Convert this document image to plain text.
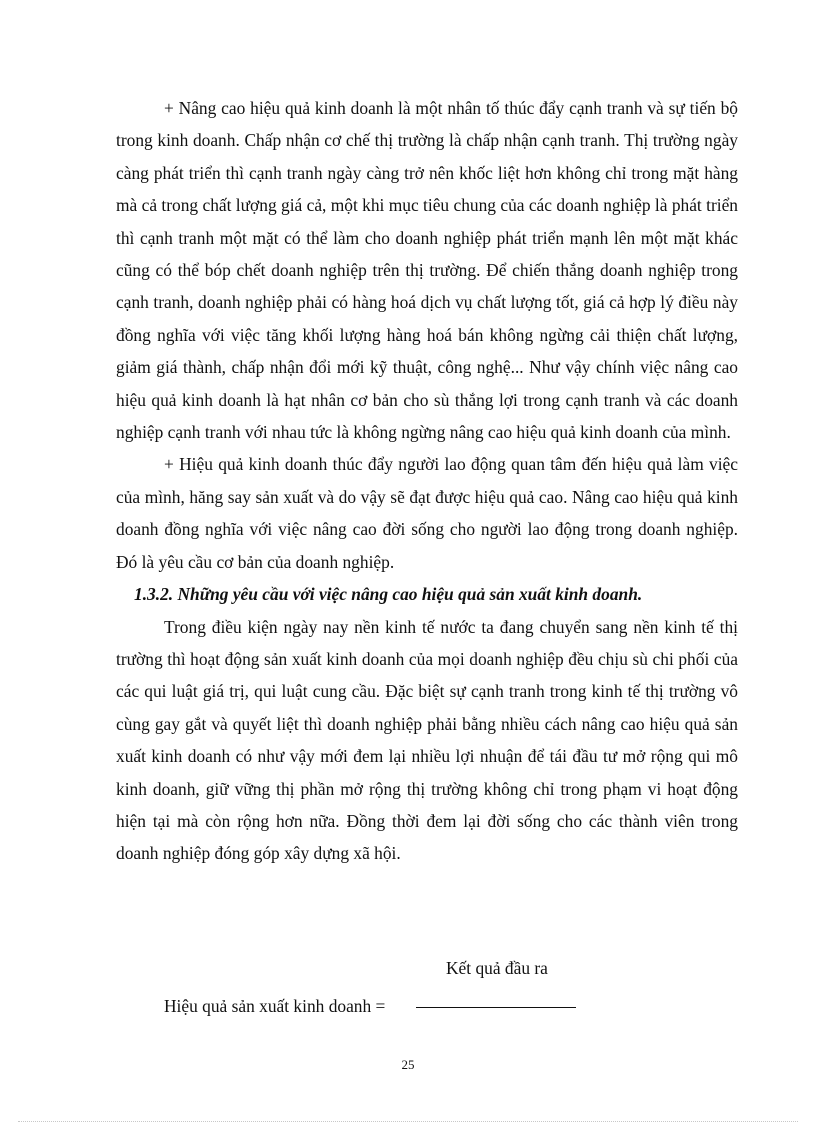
+ Nâng cao hiệu quả kinh doanh là một nhân tố thúc đẩy cạnh tranh và sự tiến bộ trong kinh doanh. Chấp nhận cơ chế thị trường là chấp nhận cạnh tranh. Thị trường ngày càng phát triển thì cạnh tranh ngày càng trở nên khốc liệt hơn không chỉ trong mặt hàng mà cả trong chất lượng giá cả, một khi mục tiêu chung của các doanh nghiệp là phát triển thì cạnh tranh một mặt có thể làm cho doanh nghiệp phát triển mạnh lên một mặt khác cũng có thể bóp chết doanh nghiệp trên thị trường. Để chiến thắng doanh nghiệp trong cạnh tranh, doanh nghiệp phải có hàng hoá dịch vụ chất lượng tốt, giá cả hợp lý điều này đồng nghĩa với việc tăng khối lượng hàng hoá bán không ngừng cải thiện chất lượng, giảm giá thành, chấp nhận đổi mới kỹ thuật, công nghệ... Như vậy chính việc nâng cao hiệu quả kinh doanh là hạt nhân cơ bản cho sù thắng lợi trong cạnh tranh và các doanh nghiệp cạnh tranh với nhau tức là không ngừng nâng cao hiệu quả kinh doanh của mình.

+ Hiệu quả kinh doanh thúc đẩy người lao động quan tâm đến hiệu quả làm việc của mình, hăng say sản xuất và do vậy sẽ đạt được hiệu quả cao. Nâng cao hiệu quả kinh doanh đồng nghĩa với việc nâng cao đời sống cho người lao động trong doanh nghiệp. Đó là yêu cầu cơ bản của doanh nghiệp.

1.3.2. Những yêu cầu với việc nâng cao hiệu quả sản xuất kinh doanh.

Trong điều kiện ngày nay nền kinh tế nước ta đang chuyển sang nền kinh tế thị trường thì hoạt động sản xuất kinh doanh của mọi doanh nghiệp đều chịu sù chi phối của các qui luật giá trị, qui luật cung cầu. Đặc biệt sự cạnh tranh trong kinh tế thị trường vô cùng gay gắt và quyết liệt thì doanh nghiệp phải bằng nhiều cách nâng cao hiệu quả sản xuất kinh doanh có như vậy mới đem lại nhiều lợi nhuận để tái đầu tư mở rộng qui mô kinh doanh, giữ vững thị phần mở rộng thị trường không chỉ trong phạm vi hoạt động hiện tại mà còn rộng hơn nữa. Đồng thời đem lại đời sống cho các thành viên trong doanh nghiệp đóng góp xây dựng xã hội.

Kết quả đầu ra
Hiệu quả sản xuất kinh doanh =
25
